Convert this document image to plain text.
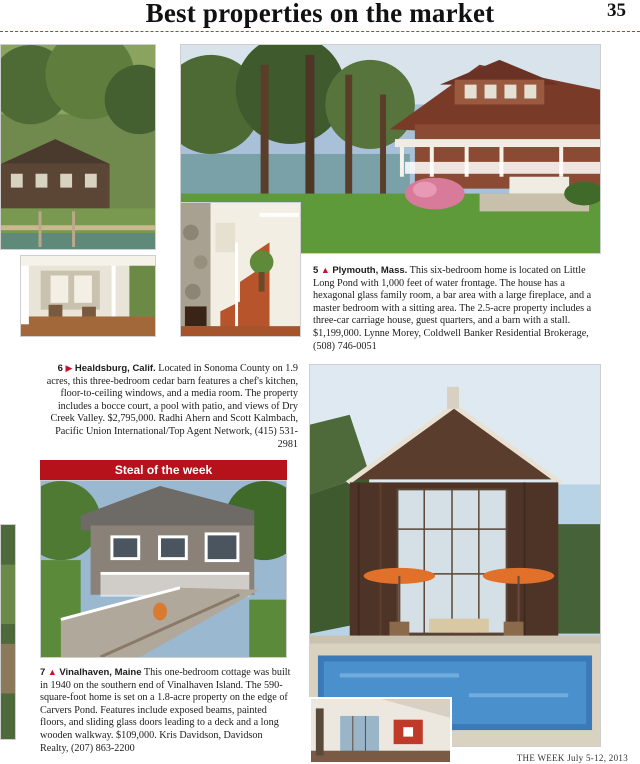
Best properties on the market	35
5 ▲ Plymouth, Mass. This six-bedroom home is located on Little Long Pond with 1,000 feet of water frontage. The house has a hexagonal glass family room, a bar area with a large fireplace, and a master bedroom with a sitting area. The 2.5-acre property includes a three-car carriage house, guest quarters, and a barn with a stall. $1,199,000. Lynne Morey, Coldwell Banker Residential Brokerage, (508) 746-0051
6 ▶ Healdsburg, Calif. Located in Sonoma County on 1.9 acres, this three-bedroom cedar barn features a chef's kitchen, floor-to-ceiling windows, and a media room. The property includes a bocce court, a pool with patio, and views of Dry Creek Valley. $2,795,000. Radhi Ahern and Scott Kalmbach, Pacific Union International/Top Agent Network, (415) 531-2981
Steal of the week
7 ▲ Vinalhaven, Maine This one-bedroom cottage was built in 1940 on the southern end of Vinalhaven Island. The 590-square-foot home is set on a 1.8-acre property on the edge of Carvers Pond. Features include exposed beams, painted floors, and sliding glass doors leading to a deck and a long wooden walkway. $109,000. Kris Davidson, Davidson Realty, (207) 863-2200
THE WEEK July 5-12, 2013
